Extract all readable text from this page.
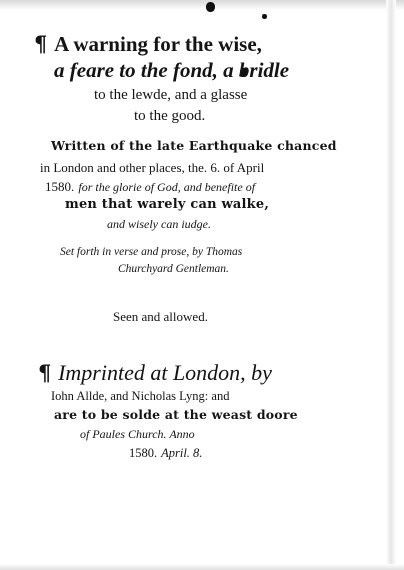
¶ A warning for the wise,
a feare to the fond, a bridle
to the lewde, and a glasse
to the good.
Written of the late Earthquake chanced
in London and other places, the. 6. of April
1580. for the glorie of God, and benefite of
men that warely can walke,
and wisely can iudge.
Set forth in verse and prose, by Thomas
Churchyard Gentleman.
Seen and allowed.
¶ Imprinted at London, by
Iohn Allde, and Nicholas Lyng: and
are to be solde at the weast doore
of Paules Church. Anno
1580. April. 8.
